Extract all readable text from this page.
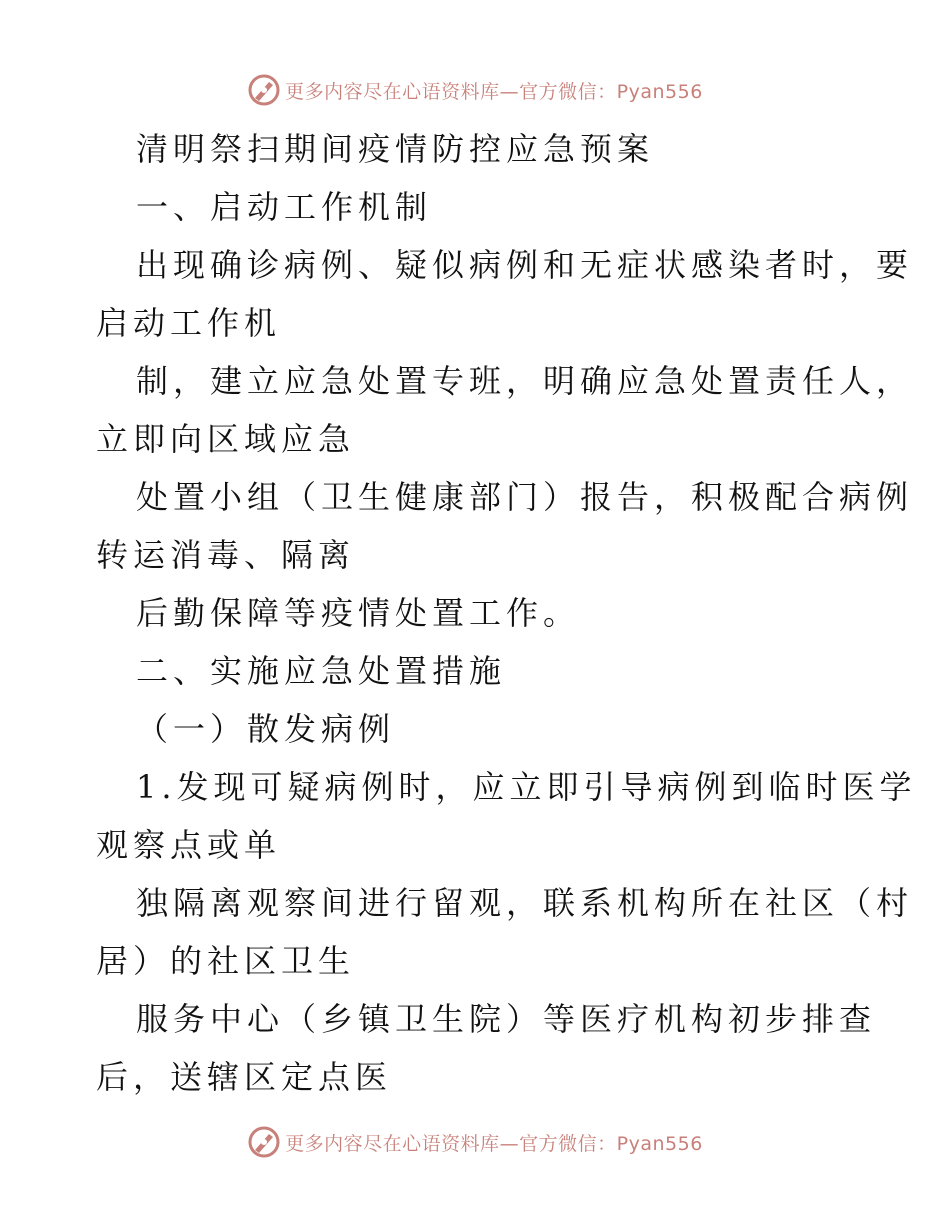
更多内容尽在心语资料库—官方微信：Pyan556
清明祭扫期间疫情防控应急预案
一、启动工作机制
出现确诊病例、疑似病例和无症状感染者时，要
启动工作机
制，建立应急处置专班，明确应急处置责任人，
立即向区域应急
处置小组（卫生健康部门）报告，积极配合病例
转运消毒、隔离
后勤保障等疫情处置工作。
二、实施应急处置措施
（一）散发病例
1.发现可疑病例时，应立即引导病例到临时医学
观察点或单
独隔离观察间进行留观，联系机构所在社区（村
居）的社区卫生
服务中心（乡镇卫生院）等医疗机构初步排查
后，送辖区定点医
更多内容尽在心语资料库—官方微信：Pyan556
